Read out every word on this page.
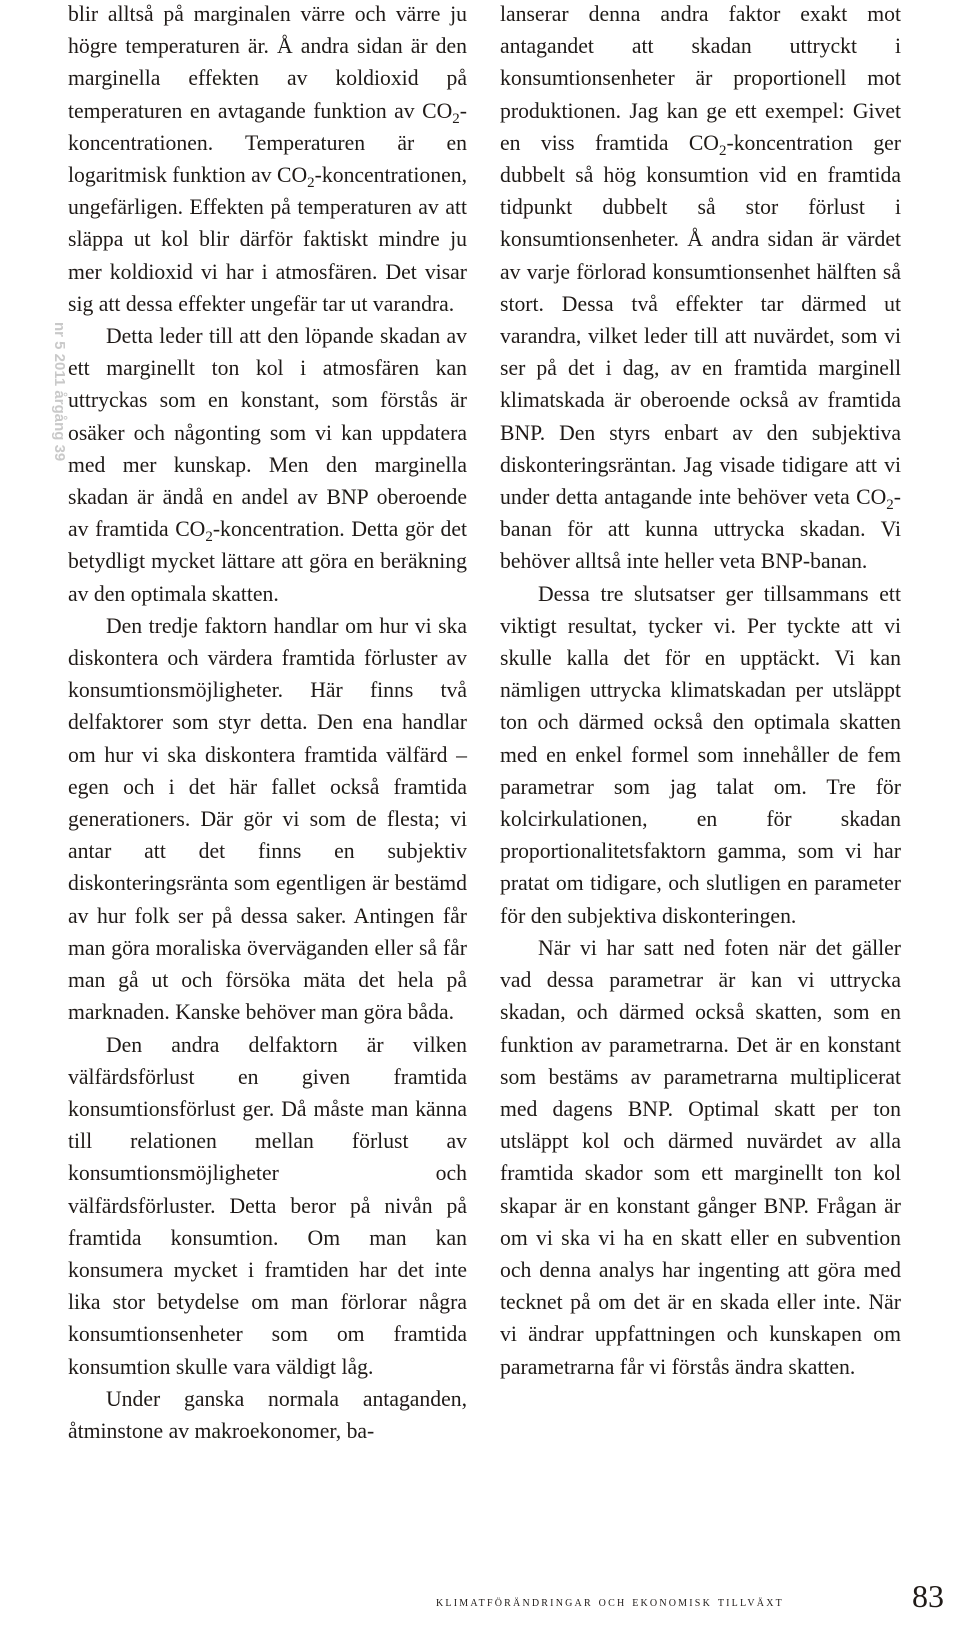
nr 5 2011 årgång 39

blir alltså på marginalen värre och värre ju högre temperaturen är. Å andra sidan är den marginella effekten av koldioxid på temperaturen en avtagande funktion av $CO_2$-koncentrationen. Temperaturen är en logaritmisk funktion av $CO_2$-koncentrationen, ungefärligen. Effekten på temperaturen av att släppa ut kol blir därför faktiskt mindre ju mer koldioxid vi har i atmosfären. Det visar sig att dessa effekter ungefär tar ut varandra.

Detta leder till att den löpande skadan av ett marginellt ton kol i atmosfären kan uttryckas som en konstant, som förstås är osäker och någonting som vi kan uppdatera med mer kunskap. Men den marginella skadan är ändå en andel av BNP oberoende av framtida $CO_2$-koncentration. Detta gör det betydligt mycket lättare att göra en beräkning av den optimala skatten.

Den tredje faktorn handlar om hur vi ska diskontera och värdera framtida förluster av konsumtionsmöjligheter. Här finns två delfaktorer som styr detta. Den ena handlar om hur vi ska diskontera framtida välfärd – egen och i det här fallet också framtida generationers. Där gör vi som de flesta; vi antar att det finns en subjektiv diskonteringsränta som egentligen är bestämd av hur folk ser på dessa saker. Antingen får man göra moraliska överväganden eller så får man gå ut och försöka mäta det hela på marknaden. Kanske behöver man göra båda.

Den andra delfaktorn är vilken välfärdsförlust en given framtida konsumtionsförlust ger. Då måste man känna till relationen mellan förlust av konsumtionsmöjligheter och välfärdsförluster. Detta beror på nivån på framtida konsumtion. Om man kan konsumera mycket i framtiden har det inte lika stor betydelse om man förlorar några konsumtionsenheter som om framtida konsumtion skulle vara väldigt låg.

Under ganska normala antaganden, åtminstone av makroekonomer, ba-

lanserar denna andra faktor exakt mot antagandet att skadan uttryckt i konsumtionsenheter är proportionell mot produktionen. Jag kan ge ett exempel: Givet en viss framtida $CO_2$-koncentration ger dubbelt så hög konsumtion vid en framtida tidpunkt dubbelt så stor förlust i konsumtionsenheter. Å andra sidan är värdet av varje förlorad konsumtionsenhet hälften så stort. Dessa två effekter tar därmed ut varandra, vilket leder till att nuvärdet, som vi ser på det i dag, av en framtida marginell klimatskada är oberoende också av framtida BNP. Den styrs enbart av den subjektiva diskonteringsräntan. Jag visade tidigare att vi under detta antagande inte behöver veta $CO_2$-banan för att kunna uttrycka skadan. Vi behöver alltså inte heller veta BNP-banan.

Dessa tre slutsatser ger tillsammans ett viktigt resultat, tycker vi. Per tyckte att vi skulle kalla det för en upptäckt. Vi kan nämligen uttrycka klimatskadan per utsläppt ton och därmed också den optimala skatten med en enkel formel som innehåller de fem parametrar som jag talat om. Tre för kolcirkulationen, en för skadan proportionalitetsfaktorn gamma, som vi har pratat om tidigare, och slutligen en parameter för den subjektiva diskonteringen.

När vi har satt ned foten när det gäller vad dessa parametrar är kan vi uttrycka skadan, och därmed också skatten, som en funktion av parametrarna. Det är en konstant som bestäms av parametrarna multiplicerat med dagens BNP. Optimal skatt per ton utsläppt kol och därmed nuvärdet av alla framtida skador som ett marginellt ton kol skapar är en konstant gånger BNP. Frågan är om vi ska vi ha en skatt eller en subvention och denna analys har ingenting att göra med tecknet på om det är en skada eller inte. När vi ändrar uppfattningen och kunskapen om parametrarna får vi förstås ändra skatten.

klimatförändringar och ekonomisk tillväxt	83
